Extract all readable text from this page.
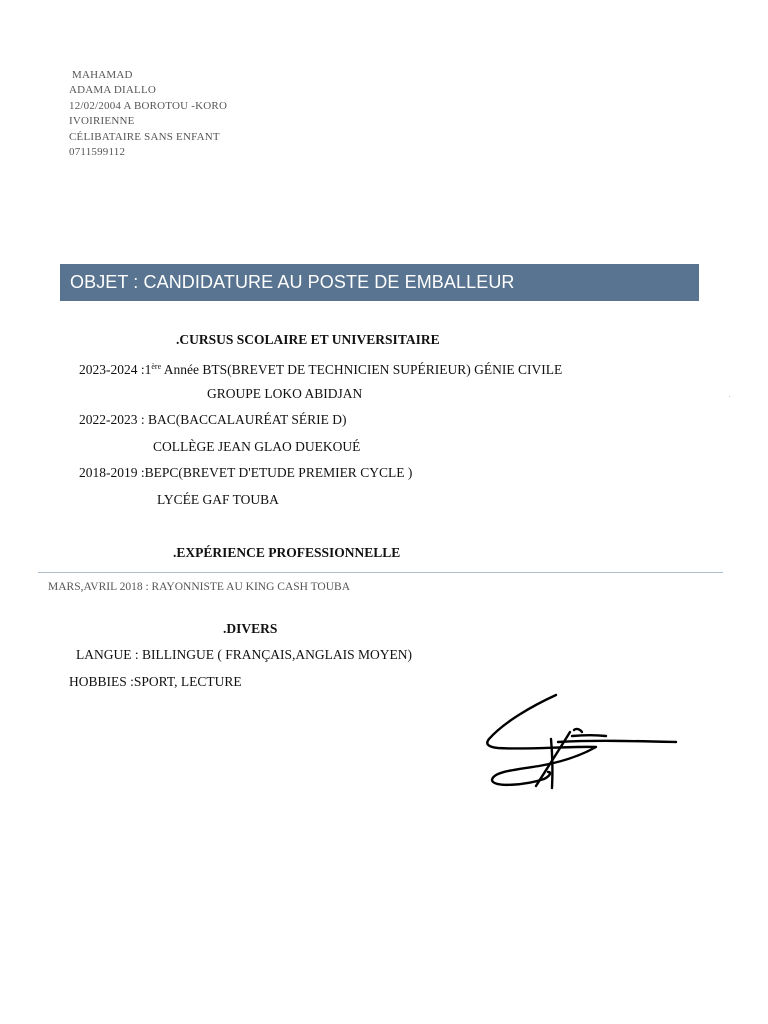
MAHAMAD
ADAMA DIALLO
12/02/2004 A BOROTOU -KORO
IVOIRIENNE
CÉLIBATAIRE SANS ENFANT
0711599112
OBJET : CANDIDATURE AU POSTE DE EMBALLEUR
.CURSUS SCOLAIRE ET UNIVERSITAIRE
2023-2024 :1ère Année BTS(BREVET DE TECHNICIEN SUPÉRIEUR) GÉNIE CIVILE
GROUPE LOKO ABIDJAN
2022-2023 : BAC(BACCALAURÉAT SÉRIE D)
COLLÈGE JEAN GLAO DUEKOUÉ
2018-2019 :BEPC(BREVET D'ETUDE PREMIER CYCLE )
LYCÉE GAF TOUBA
.EXPÉRIENCE PROFESSIONNELLE
MARS,AVRIL 2018 : RAYONNISTE AU KING CASH TOUBA
.DIVERS
LANGUE : BILLINGUE ( FRANÇAIS,ANGLAIS MOYEN)
HOBBIES :SPORT, LECTURE
